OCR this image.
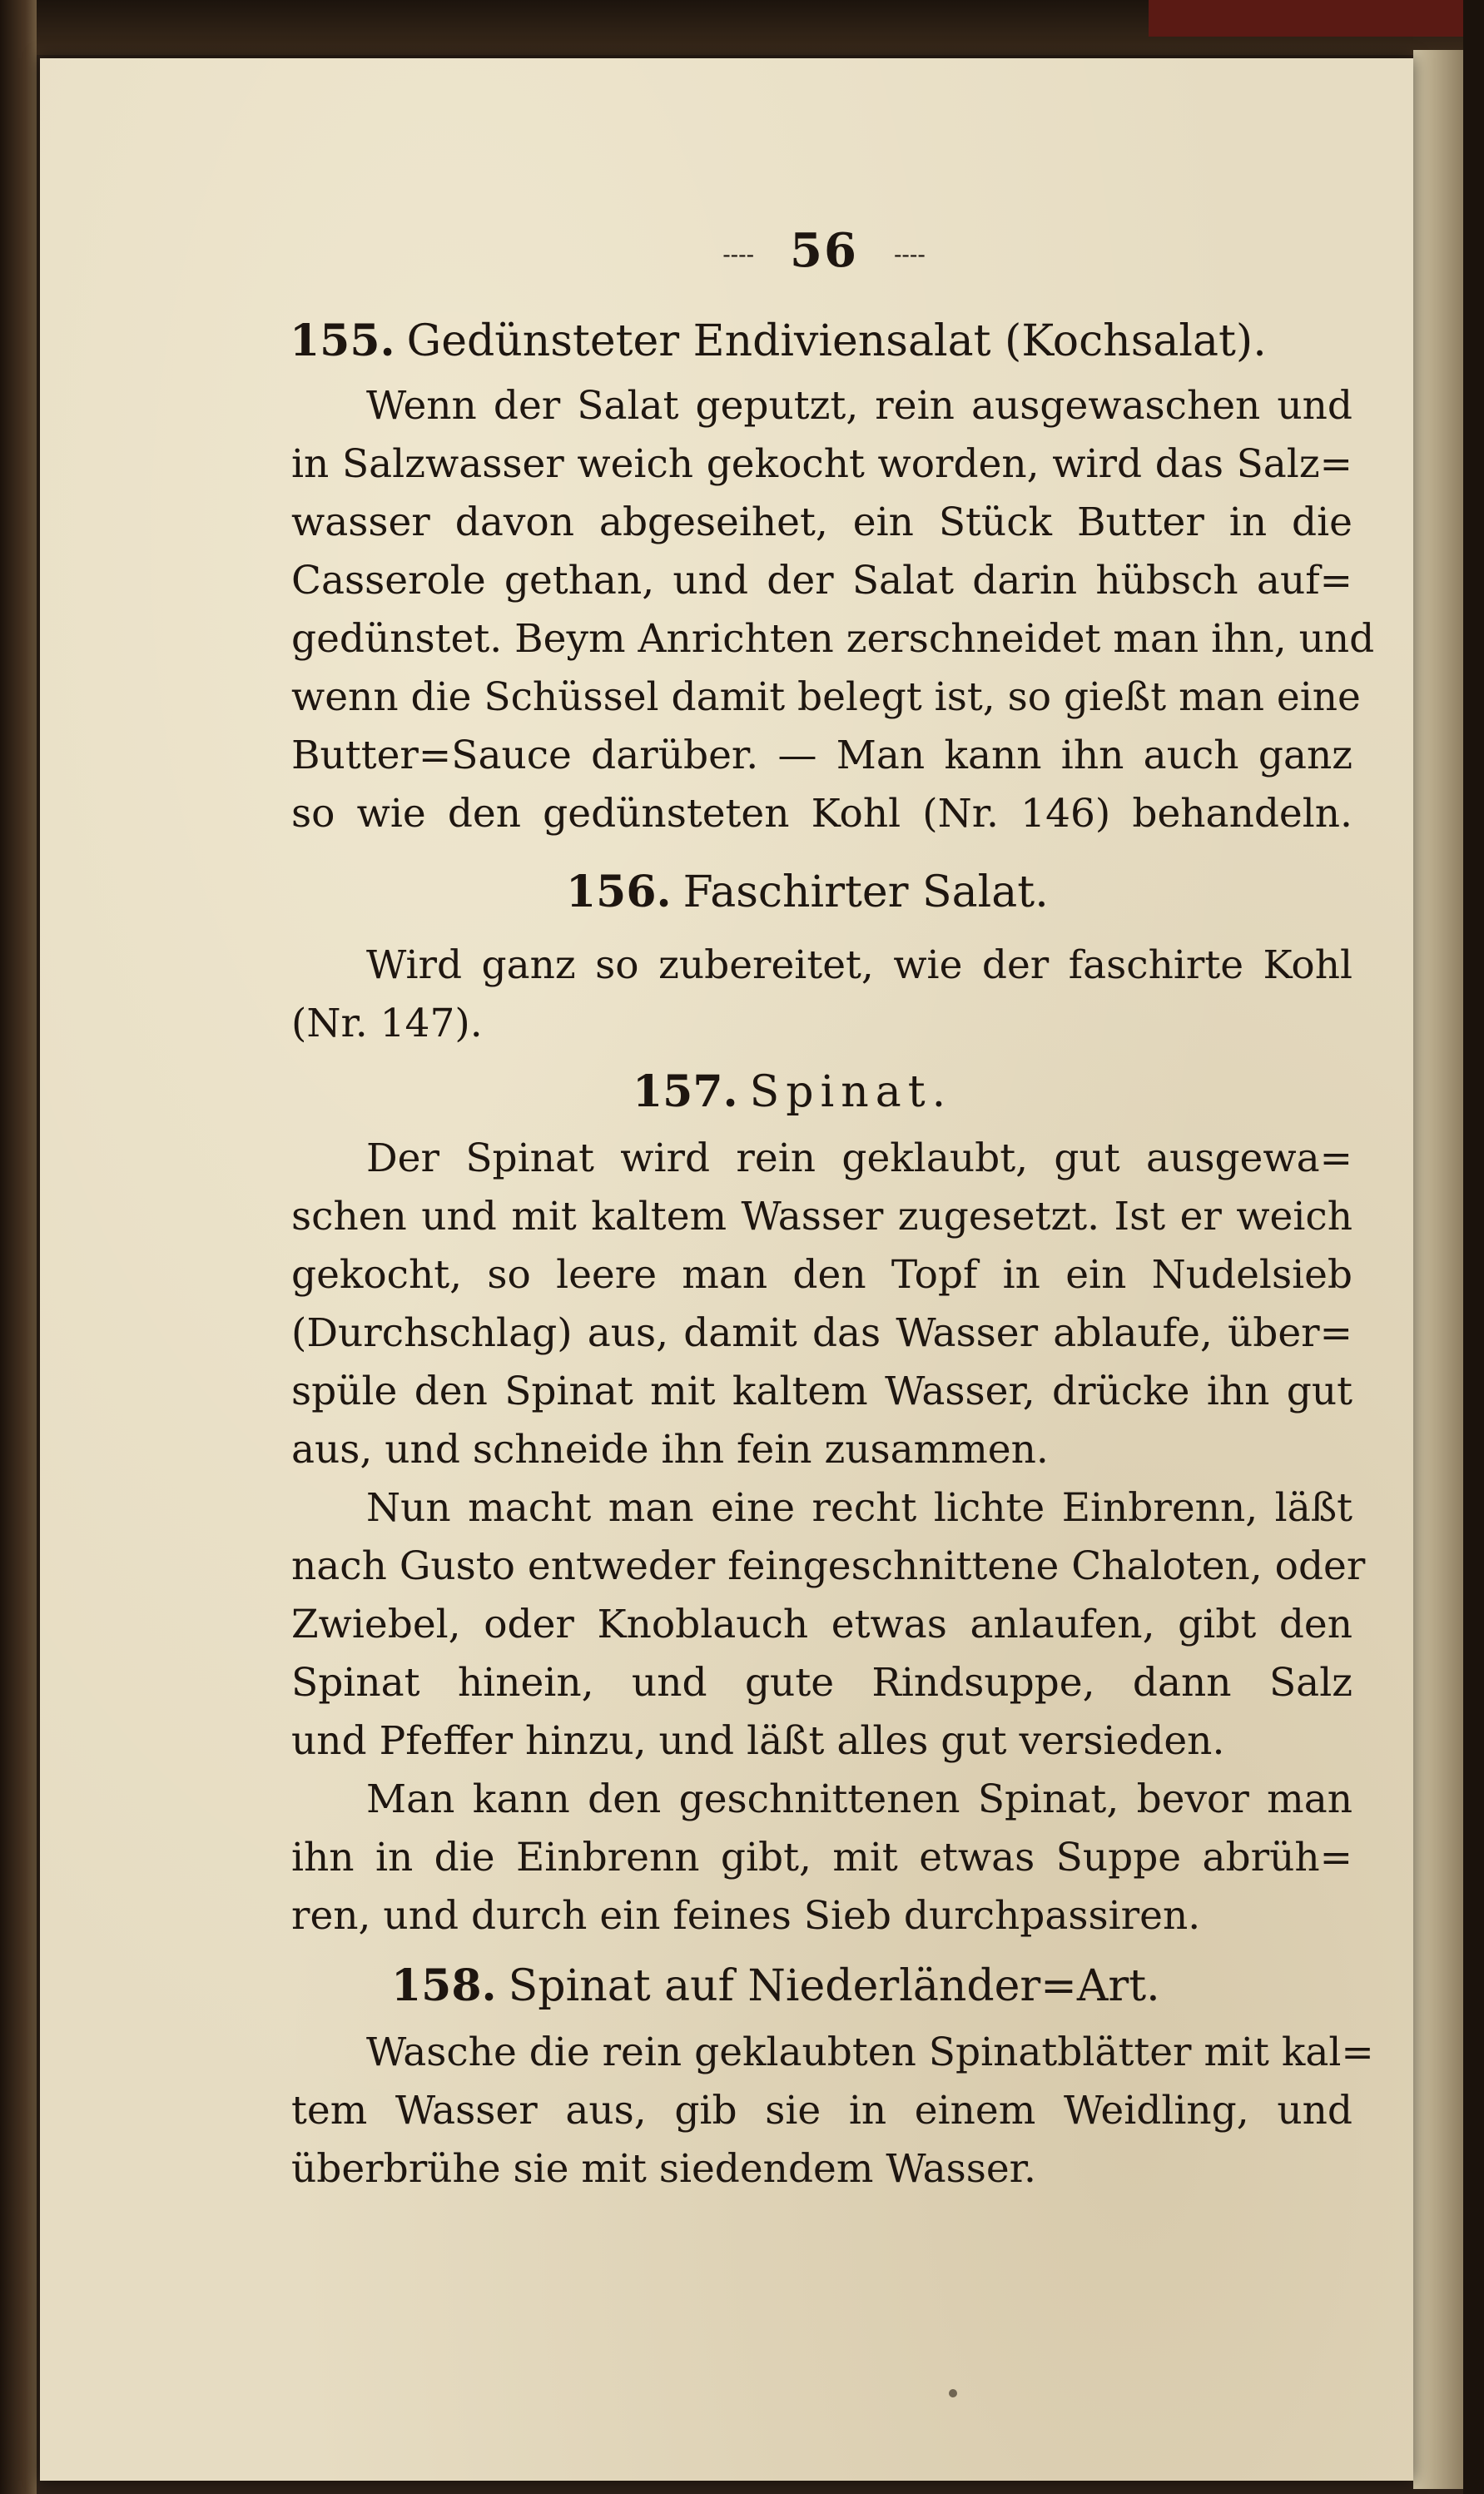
---- 56 ----
155. Gedünsteter Endiviensalat (Kochsalat).
Wenn der Salat geputzt, rein ausgewaschen und
in Salzwasser weich gekocht worden, wird das Salz=
wasser davon abgeseihet, ein Stück Butter in die
Casserole gethan, und der Salat darin hübsch auf=
gedünstet. Beym Anrichten zerschneidet man ihn, und
wenn die Schüssel damit belegt ist, so gießt man eine
Butter=Sauce darüber. — Man kann ihn auch ganz
so wie den gedünsteten Kohl (Nr. 146) behandeln.
156. Faschirter Salat.
Wird ganz so zubereitet, wie der faschirte Kohl
(Nr. 147).
157. Spinat.
Der Spinat wird rein geklaubt, gut ausgewa=
schen und mit kaltem Wasser zugesetzt. Ist er weich
gekocht, so leere man den Topf in ein Nudelsieb
(Durchschlag) aus, damit das Wasser ablaufe, über=
spüle den Spinat mit kaltem Wasser, drücke ihn gut
aus, und schneide ihn fein zusammen.
Nun macht man eine recht lichte Einbrenn, läßt
nach Gusto entweder feingeschnittene Chaloten, oder
Zwiebel, oder Knoblauch etwas anlaufen, gibt den
Spinat hinein, und gute Rindsuppe, dann Salz
und Pfeffer hinzu, und läßt alles gut versieden.
Man kann den geschnittenen Spinat, bevor man
ihn in die Einbrenn gibt, mit etwas Suppe abrüh=
ren, und durch ein feines Sieb durchpassiren.
158. Spinat auf Niederländer=Art.
Wasche die rein geklaubten Spinatblätter mit kal=
tem Wasser aus, gib sie in einem Weidling, und
überbrühe sie mit siedendem Wasser.
